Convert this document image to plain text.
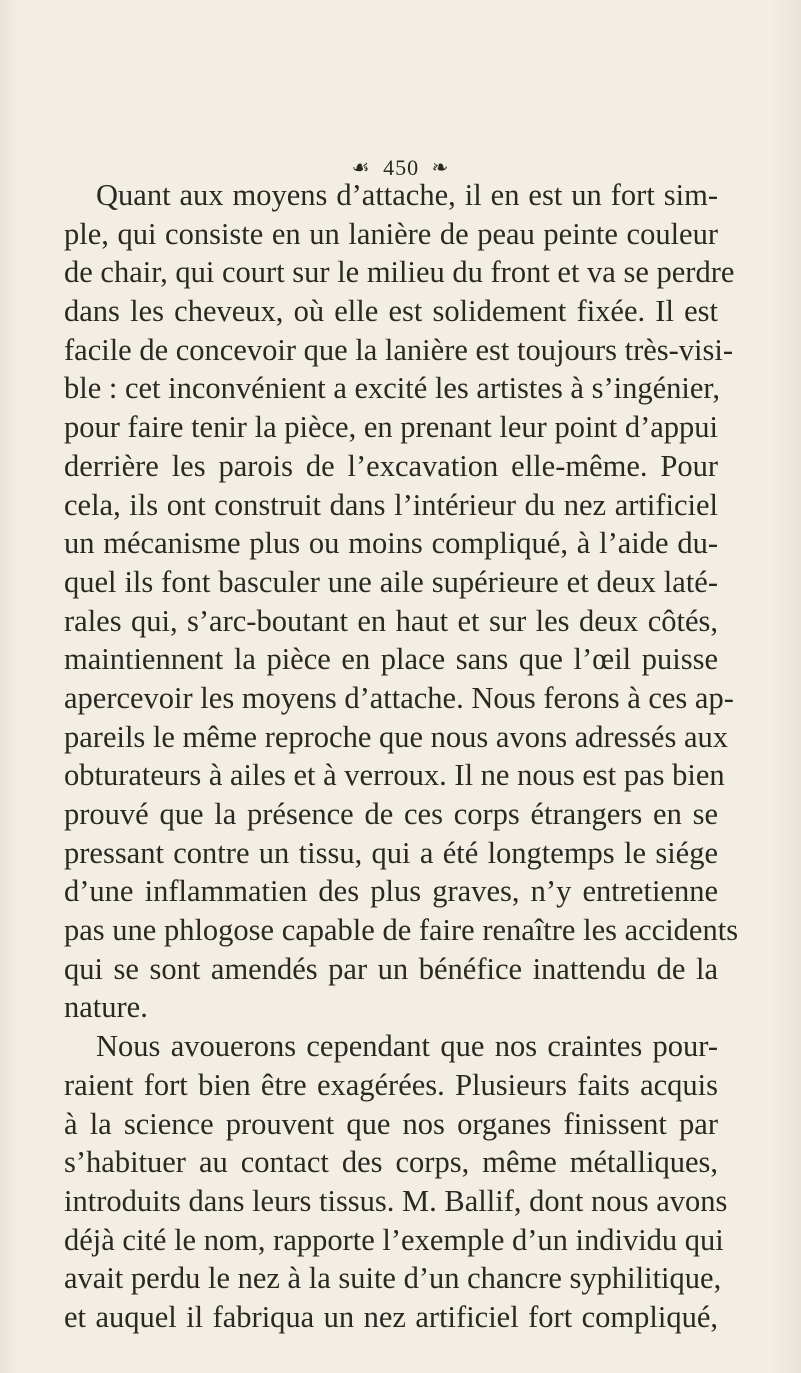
☙ 450 ❧
Quant aux moyens d’attache, il en est un fort sim-
ple, qui consiste en un lanière de peau peinte couleur
de chair, qui court sur le milieu du front et va se perdre
dans les cheveux, où elle est solidement fixée. Il est
facile de concevoir que la lanière est toujours très-visi-
ble : cet inconvénient a excité les artistes à s’ingénier,
pour faire tenir la pièce, en prenant leur point d’appui
derrière les parois de l’excavation elle-même. Pour
cela, ils ont construit dans l’intérieur du nez artificiel
un mécanisme plus ou moins compliqué, à l’aide du-
quel ils font basculer une aile supérieure et deux laté-
rales qui, s’arc-boutant en haut et sur les deux côtés,
maintiennent la pièce en place sans que l’œil puisse
apercevoir les moyens d’attache. Nous ferons à ces ap-
pareils le même reproche que nous avons adressés aux
obturateurs à ailes et à verroux. Il ne nous est pas bien
prouvé que la présence de ces corps étrangers en se
pressant contre un tissu, qui a été longtemps le siége
d’une inflammatien des plus graves, n’y entretienne
pas une phlogose capable de faire renaître les accidents
qui se sont amendés par un bénéfice inattendu de la
nature.
Nous avouerons cependant que nos craintes pour-
raient fort bien être exagérées. Plusieurs faits acquis
à la science prouvent que nos organes finissent par
s’habituer au contact des corps, même métalliques,
introduits dans leurs tissus. M. Ballif, dont nous avons
déjà cité le nom, rapporte l’exemple d’un individu qui
avait perdu le nez à la suite d’un chancre syphilitique,
et auquel il fabriqua un nez artificiel fort compliqué,
